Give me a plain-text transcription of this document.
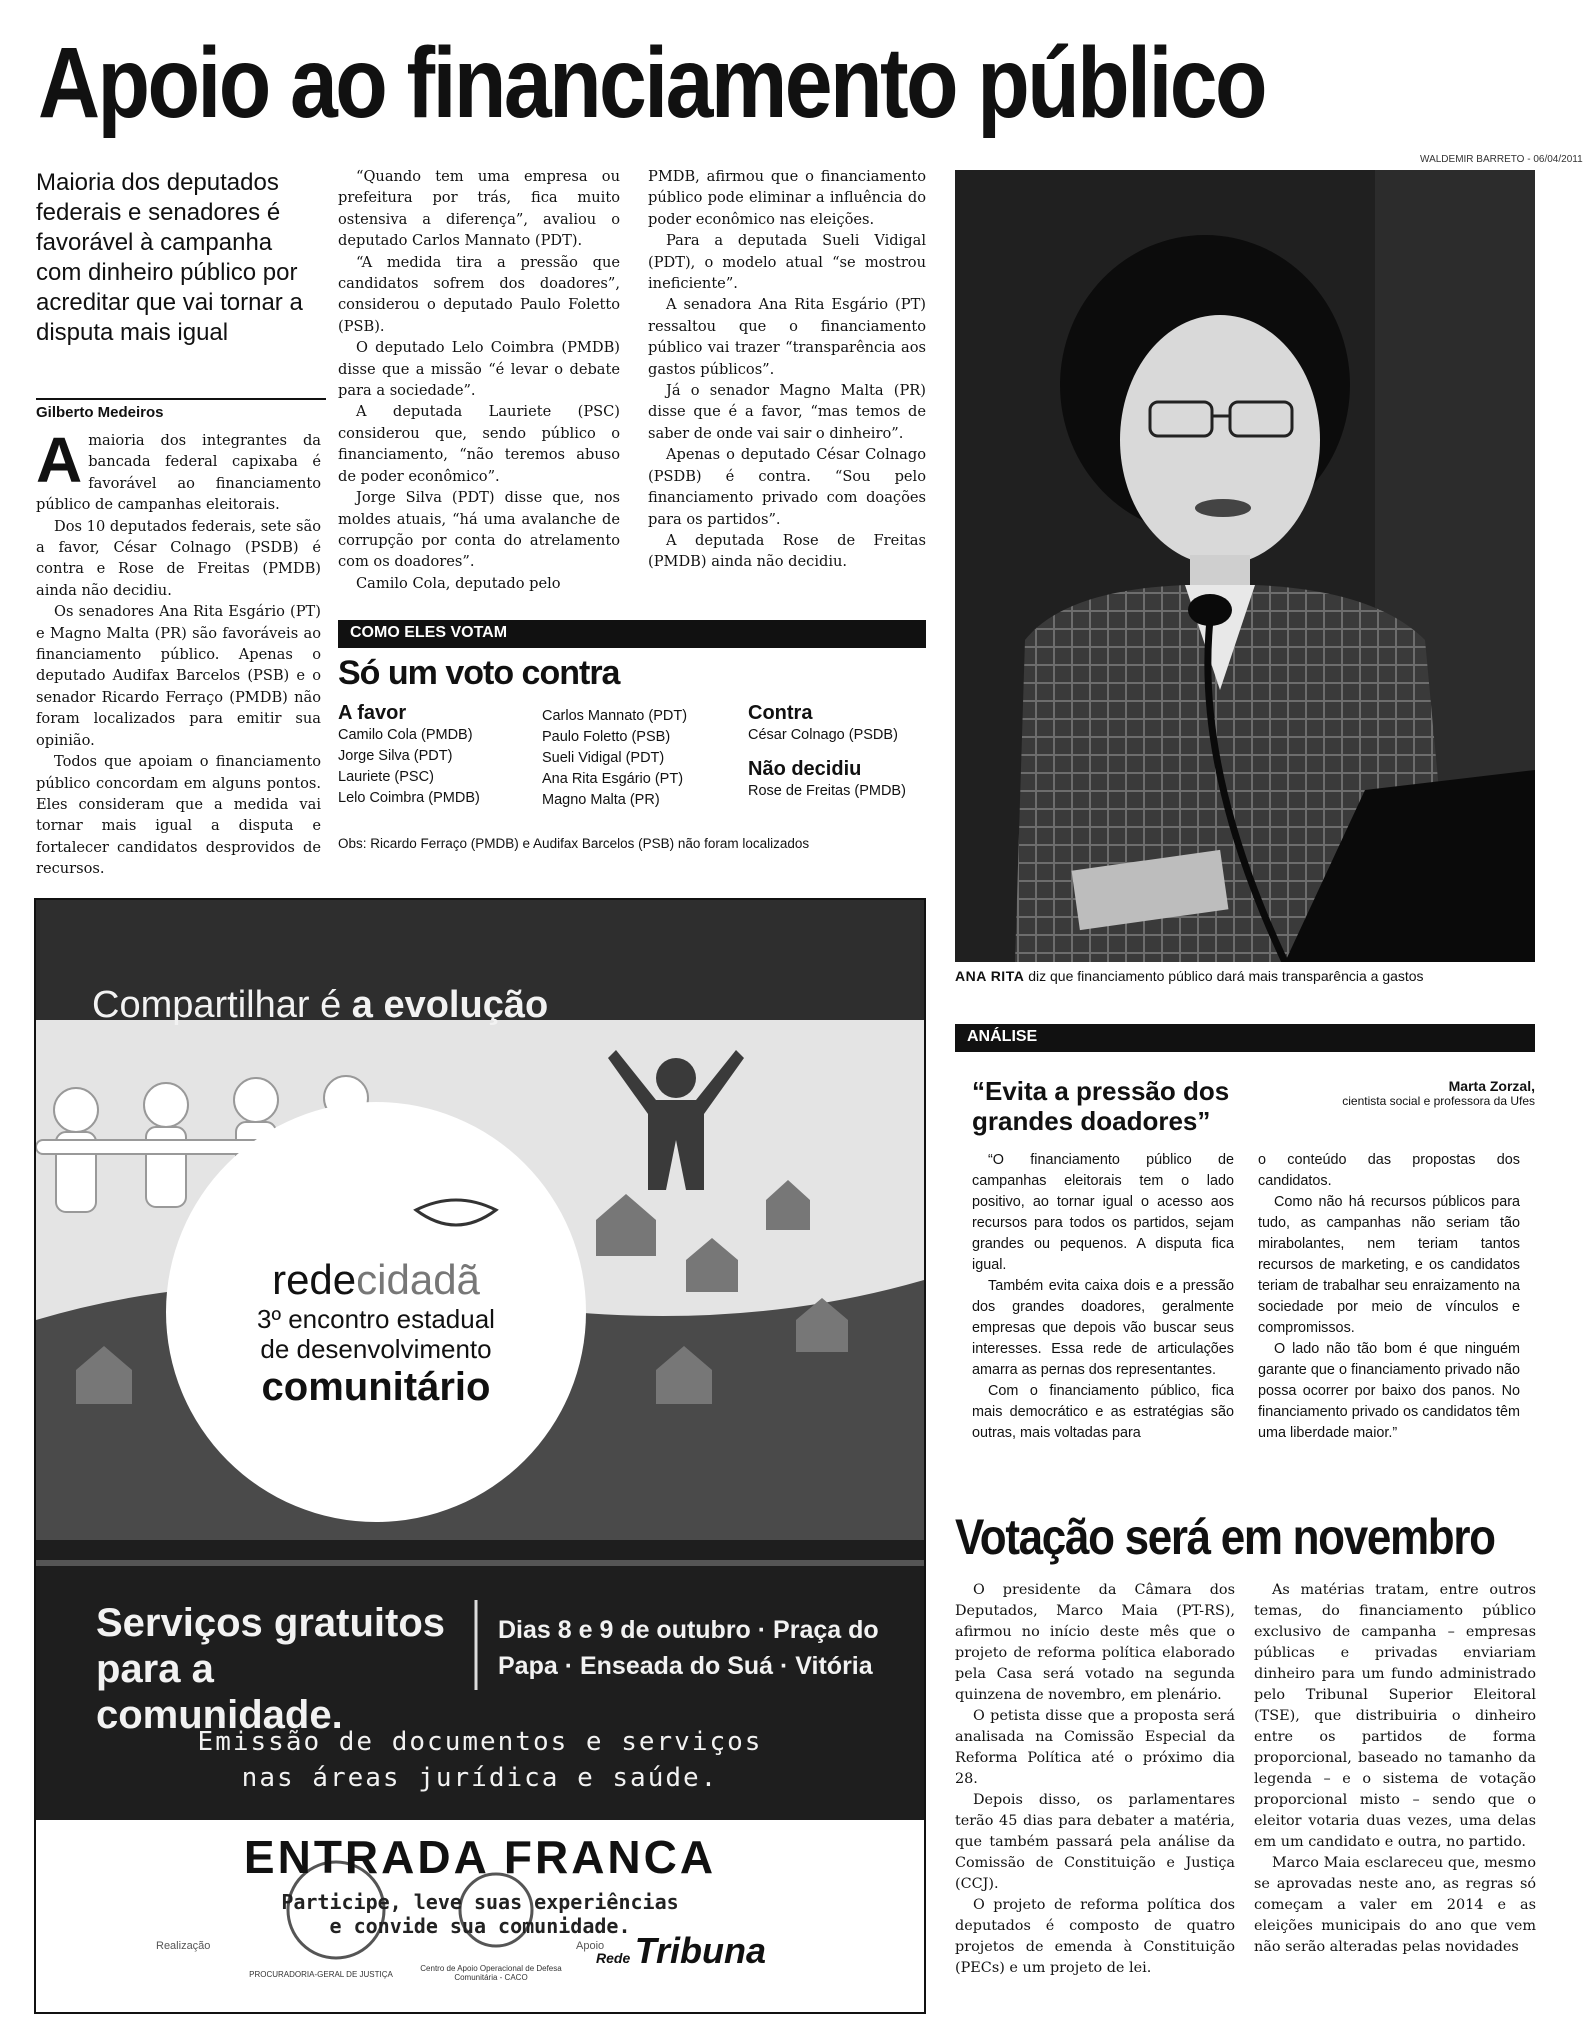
Apoio ao financiamento público
Maioria dos deputados federais e senadores é favorável à campanha com dinheiro público por acreditar que vai tornar a disputa mais igual
Gilberto Medeiros
A maioria dos integrantes da bancada federal capixaba é favorável ao financiamento público de campanhas eleitorais.

Dos 10 deputados federais, sete são a favor, César Colnago (PSDB) é contra e Rose de Freitas (PMDB) ainda não decidiu.

Os senadores Ana Rita Esgário (PT) e Magno Malta (PR) são favoráveis ao financiamento público. Apenas o deputado Audifax Barcelos (PSB) e o senador Ricardo Ferraço (PMDB) não foram localizados para emitir sua opinião.

Todos que apoiam o financiamento público concordam em alguns pontos. Eles consideram que a medida vai tornar mais igual a disputa e fortalecer candidatos desprovidos de recursos.

“Quando tem uma empresa ou prefeitura por trás, fica muito ostensiva a diferença”, avaliou o deputado Carlos Mannato (PDT).

“A medida tira a pressão que candidatos sofrem dos doadores”, considerou o deputado Paulo Foletto (PSB).

O deputado Lelo Coimbra (PMDB) disse que a missão “é levar o debate para a sociedade”.

A deputada Lauriete (PSC) considerou que, sendo público o financiamento, “não teremos abuso de poder econômico”.

Jorge Silva (PDT) disse que, nos moldes atuais, “há uma avalanche de corrupção por conta do atrelamento com os doadores”.

Camilo Cola, deputado pelo

PMDB, afirmou que o financiamento público pode eliminar a influência do poder econômico nas eleições.

Para a deputada Sueli Vidigal (PDT), o modelo atual “se mostrou ineficiente”.

A senadora Ana Rita Esgário (PT) ressaltou que o financiamento público vai trazer “transparência aos gastos públicos”.

Já o senador Magno Malta (PR) disse que é a favor, “mas temos de saber de onde vai sair o dinheiro”.

Apenas o deputado César Colnago (PSDB) é contra. “Sou pelo financiamento privado com doações para os partidos”.

A deputada Rose de Freitas (PMDB) ainda não decidiu.

COMO ELES VOTAM
Só um voto contra
A favor
Camilo Cola (PMDB)
Jorge Silva (PDT)
Lauriete (PSC)
Lelo Coimbra (PMDB)
Carlos Mannato (PDT)
Paulo Foletto (PSB)
Sueli Vidigal (PDT)
Ana Rita Esgário (PT)
Magno Malta (PR)
Contra
César Colnago (PSDB)
Não decidiu
Rose de Freitas (PMDB)
Obs: Ricardo Ferraço (PMDB) e Audifax Barcelos (PSB) não foram localizados
WALDEMIR BARRETO - 06/04/2011
ANA RITA diz que financiamento público dará mais transparência a gastos
ANÁLISE
“Evita a pressão dos grandes doadores”
Marta Zorzal,
cientista social e professora da Ufes

“O financiamento público de campanhas eleitorais tem o lado positivo, ao tornar igual o acesso aos recursos para todos os partidos, sejam grandes ou pequenos. A disputa fica igual.

Também evita caixa dois e a pressão dos grandes doadores, geralmente empresas que depois vão buscar seus interesses. Essa rede de articulações amarra as pernas dos representantes.

Com o financiamento público, fica mais democrático e as estratégias são outras, mais voltadas para

o conteúdo das propostas dos candidatos.

Como não há recursos públicos para tudo, as campanhas não seriam tão mirabolantes, nem teriam tantos recursos de marketing, e os candidatos teriam de trabalhar seu enraizamento na sociedade por meio de vínculos e compromissos.

O lado não tão bom é que ninguém garante que o financiamento privado não possa ocorrer por baixo dos panos. No financiamento privado os candidatos têm uma liberdade maior.”

Votação será em novembro

O presidente da Câmara dos Deputados, Marco Maia (PT-RS), afirmou no início deste mês que o projeto de reforma política elaborado pela Casa será votado na segunda quinzena de novembro, em plenário.

O petista disse que a proposta será analisada na Comissão Especial da Reforma Política até o próximo dia 28.

Depois disso, os parlamentares terão 45 dias para debater a matéria, que também passará pela análise da Comissão de Constituição e Justiça (CCJ).

O projeto de reforma política dos deputados é composto de quatro projetos de emenda à Constituição (PECs) e um projeto de lei.

As matérias tratam, entre outros temas, do financiamento público exclusivo de campanha – empresas públicas e privadas enviariam dinheiro para um fundo administrado pelo Tribunal Superior Eleitoral (TSE), que distribuiria o dinheiro entre os partidos de forma proporcional, baseado no tamanho da legenda – e o sistema de votação proporcional misto – sendo que o eleitor votaria duas vezes, uma delas em um candidato e outra, no partido.

Marco Maia esclareceu que, mesmo se aprovadas neste ano, as regras só começam a valer em 2014 e as eleições municipais do ano que vem não serão alteradas pelas novidades

Compartilhar é a evolução
redecidadã
3º encontro estadual
de desenvolvimento
comunitário
Serviços gratuitos
para a comunidade.
Dias 8 e 9 de outubro · Praça do
Papa · Enseada do Suá · Vitória
Emissão de documentos e serviços
nas áreas jurídica e saúde.
ENTRADA FRANCA
Participe, leve suas experiências
e convide sua comunidade.
Realização	Apoio
PROCURADORIA-GERAL DE JUSTIÇA
Centro de Apoio Operacional de Defesa Comunitária - CACO
Rede Tribuna
